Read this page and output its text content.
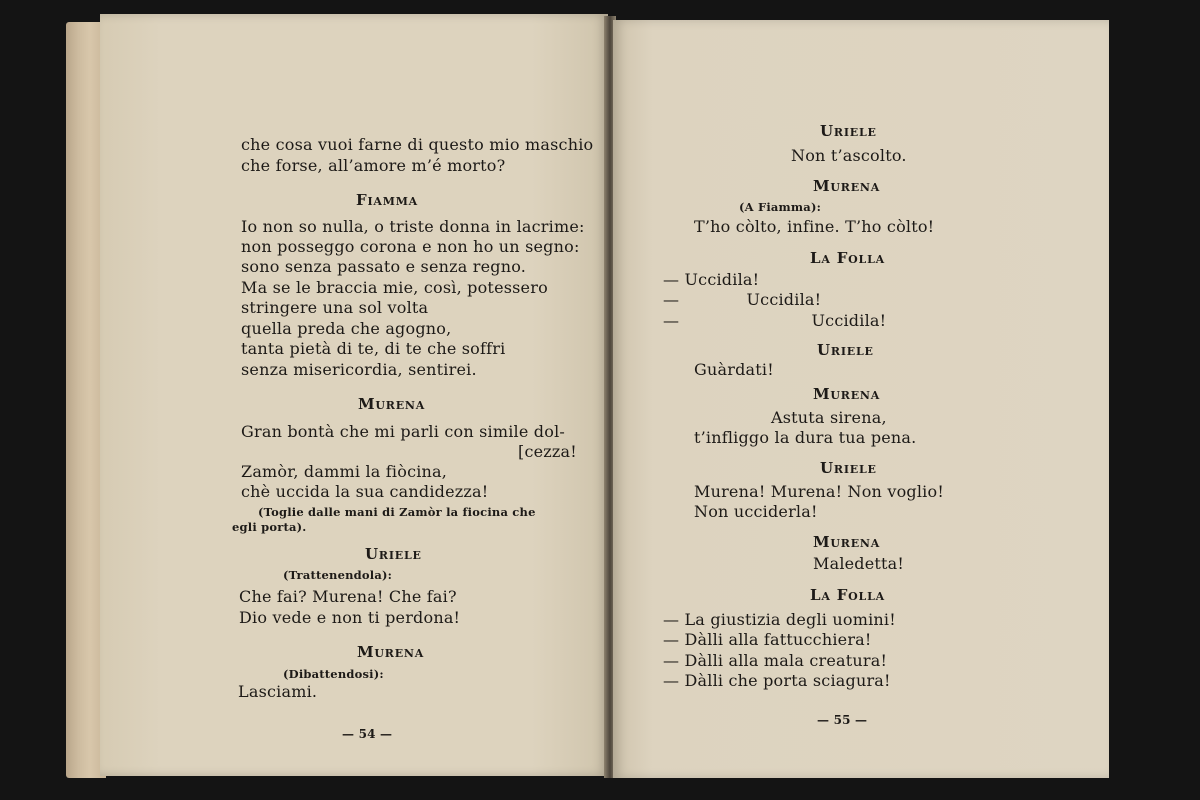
che cosa vuoi farne di questo mio maschio
che forse, all’amore m’é morto?
Fiamma
Io non so nulla, o triste donna in lacrime:
non posseggo corona e non ho un segno:
sono senza passato e senza regno.
Ma se le braccia mie, così, potessero
stringere una sol volta
quella preda che agogno,
tanta pietà di te, di te che soffri
senza misericordia, sentirei.
Murena
Gran bontà che mi parli con simile dol-
[cezza!
Zamòr, dammi la fiòcina,
chè uccida la sua candidezza!
(Toglie dalle mani di Zamòr la fiocina che egli porta).
Uriele
(Trattenendola):
Che fai? Murena! Che fai?
Dio vede e non ti perdona!
Murena
(Dibattendosi):
Lasciami.
— 54 —
Uriele
Non t’ascolto.
Murena
(A Fiamma):
T’ho còlto, infine. T’ho còlto!
La Folla
— Uccidila!
— Uccidila!
— Uccidila!
Uriele
Guàrdati!
Murena
Astuta sirena,
t’infliggo la dura tua pena.
Uriele
Murena! Murena! Non voglio!
Non ucciderla!
Murena
Maledetta!
La Folla
— La giustizia degli uomini!
— Dàlli alla fattucchiera!
— Dàlli alla mala creatura!
— Dàlli che porta sciagura!
— 55 —
